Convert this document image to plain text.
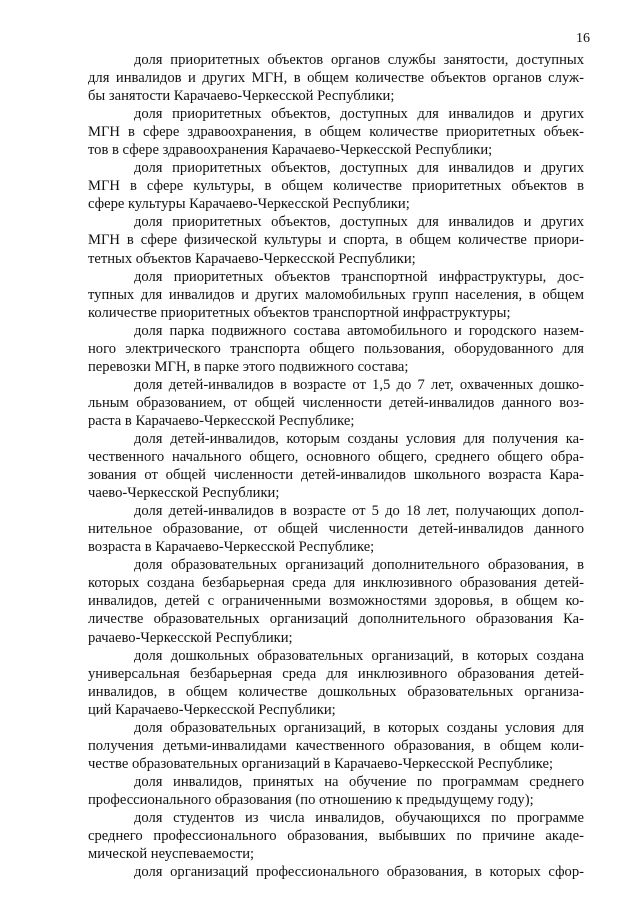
16
доля приоритетных объектов органов службы занятости, доступных
для инвалидов и других МГН, в общем количестве объектов органов служ-
бы занятости Карачаево-Черкесской Республики;
доля приоритетных объектов, доступных для инвалидов и других
МГН в сфере здравоохранения, в общем количестве приоритетных объек-
тов в сфере здравоохранения Карачаево-Черкесской Республики;
доля приоритетных объектов, доступных для инвалидов и других
МГН в сфере культуры, в общем количестве приоритетных объектов в
сфере культуры Карачаево-Черкесской Республики;
доля приоритетных объектов, доступных для инвалидов и других
МГН в сфере физической культуры и спорта, в общем количестве приори-
тетных объектов Карачаево-Черкесской Республики;
доля приоритетных объектов транспортной инфраструктуры, дос-
тупных для инвалидов и других маломобильных групп населения, в общем
количестве приоритетных объектов транспортной инфраструктуры;
доля парка подвижного состава автомобильного и городского назем-
ного электрического транспорта общего пользования, оборудованного для
перевозки МГН, в парке этого подвижного состава;
доля детей-инвалидов в возрасте от 1,5 до 7 лет, охваченных дошко-
льным образованием, от общей численности детей-инвалидов данного воз-
раста в Карачаево-Черкесской Республике;
доля детей-инвалидов, которым созданы условия для получения ка-
чественного начального общего, основного общего, среднего общего обра-
зования от общей численности детей-инвалидов школьного возраста Кара-
чаево-Черкесской Республики;
доля детей-инвалидов в возрасте от 5 до 18 лет, получающих допол-
нительное образование, от общей численности детей-инвалидов данного
возраста в Карачаево-Черкесской Республике;
доля образовательных организаций дополнительного образования, в
которых создана безбарьерная среда для инклюзивного образования детей-
инвалидов, детей с ограниченными возможностями здоровья, в общем ко-
личестве образовательных организаций дополнительного образования Ка-
рачаево-Черкесской Республики;
доля дошкольных образовательных организаций, в которых создана
универсальная безбарьерная среда для инклюзивного образования детей-
инвалидов, в общем количестве дошкольных образовательных организа-
ций Карачаево-Черкесской Республики;
доля образовательных организаций, в которых созданы условия для
получения детьми-инвалидами качественного образования, в общем коли-
честве образовательных организаций в Карачаево-Черкесской Республике;
доля инвалидов, принятых на обучение по программам среднего
профессионального образования (по отношению к предыдущему году);
доля студентов из числа инвалидов, обучающихся по программе
среднего профессионального образования, выбывших по причине акаде-
мической неуспеваемости;
доля организаций профессионального образования, в которых сфор-
